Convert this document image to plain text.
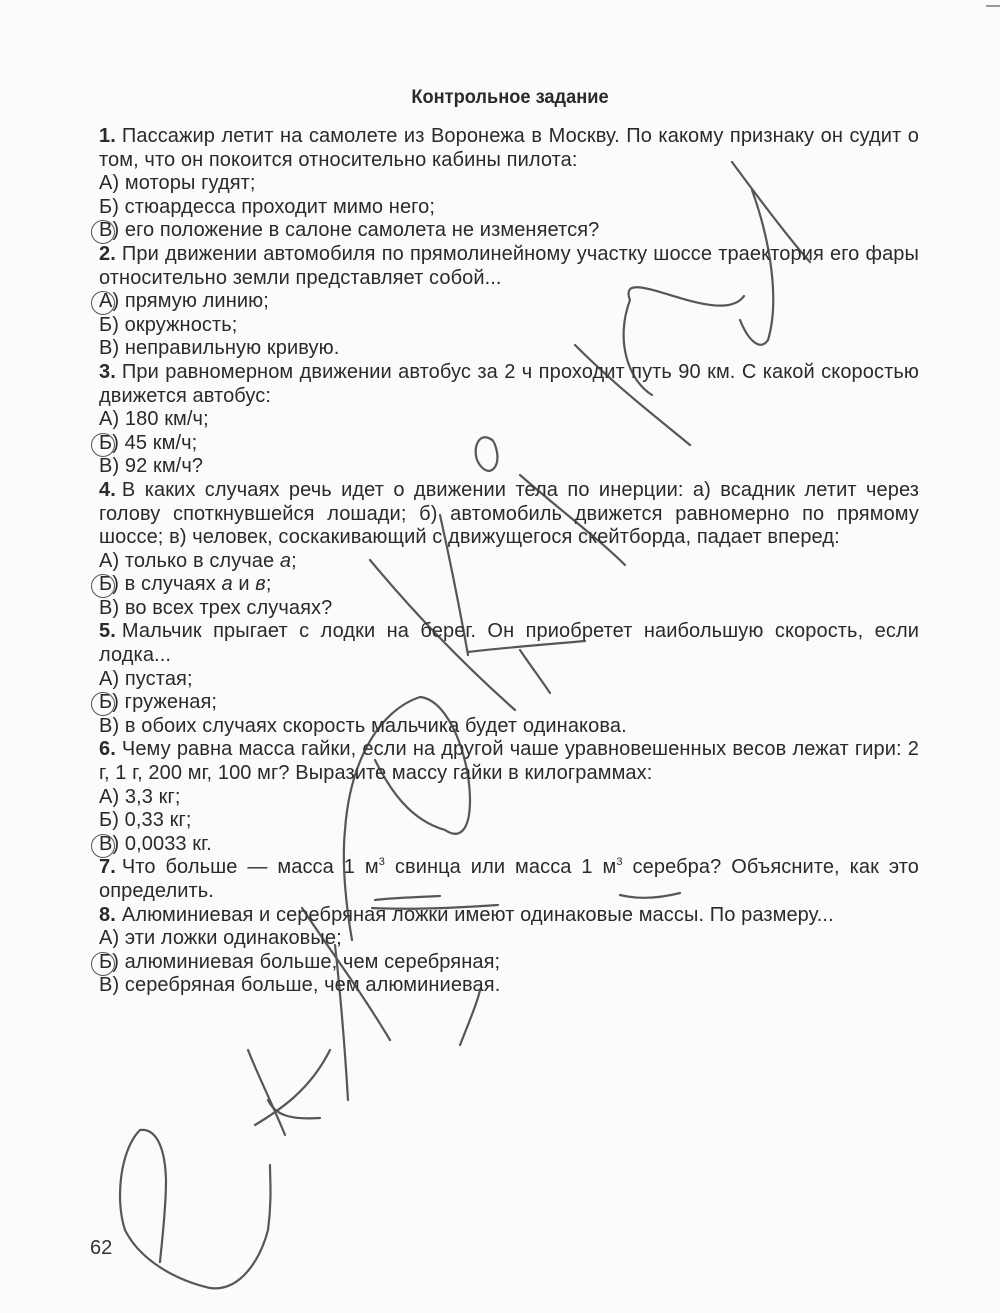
Контрольное задание
1. Пассажир летит на самолете из Воронежа в Москву. По какому признаку он судит о том, что он покоится относительно кабины пилота:
А) моторы гудят;
Б) стюардесса проходит мимо него;
В) его положение в салоне самолета не изменяется?
2. При движении автомобиля по прямолинейному участку шоссе траектория его фары относительно земли представляет собой...
А) прямую линию;
Б) окружность;
В) неправильную кривую.
3. При равномерном движении автобус за 2 ч проходит путь 90 км. С какой скоростью движется автобус:
А) 180 км/ч;
Б) 45 км/ч;
В) 92 км/ч?
4. В каких случаях речь идет о движении тела по инерции: а) всадник летит через голову споткнувшейся лошади; б) автомобиль движется равномерно по прямому шоссе; в) человек, соскакивающий с движущегося скейтборда, падает вперед:
А) только в случае а;
Б) в случаях а и в;
В) во всех трех случаях?
5. Мальчик прыгает с лодки на берег. Он приобретет наибольшую скорость, если лодка...
А) пустая;
Б) груженая;
В) в обоих случаях скорость мальчика будет одинакова.
6. Чему равна масса гайки, если на другой чаше уравновешенных весов лежат гири: 2 г, 1 г, 200 мг, 100 мг? Выразите массу гайки в килограммах:
А) 3,3 кг;
Б) 0,33 кг;
В) 0,0033 кг.
7. Что больше — масса 1 $м^3$ свинца или масса 1 $м^3$ серебра? Объясните, как это определить.
8. Алюминиевая и серебряная ложки имеют одинаковые массы. По размеру...
А) эти ложки одинаковые;
Б) алюминиевая больше, чем серебряная;
В) серебряная больше, чем алюминиевая.
62
